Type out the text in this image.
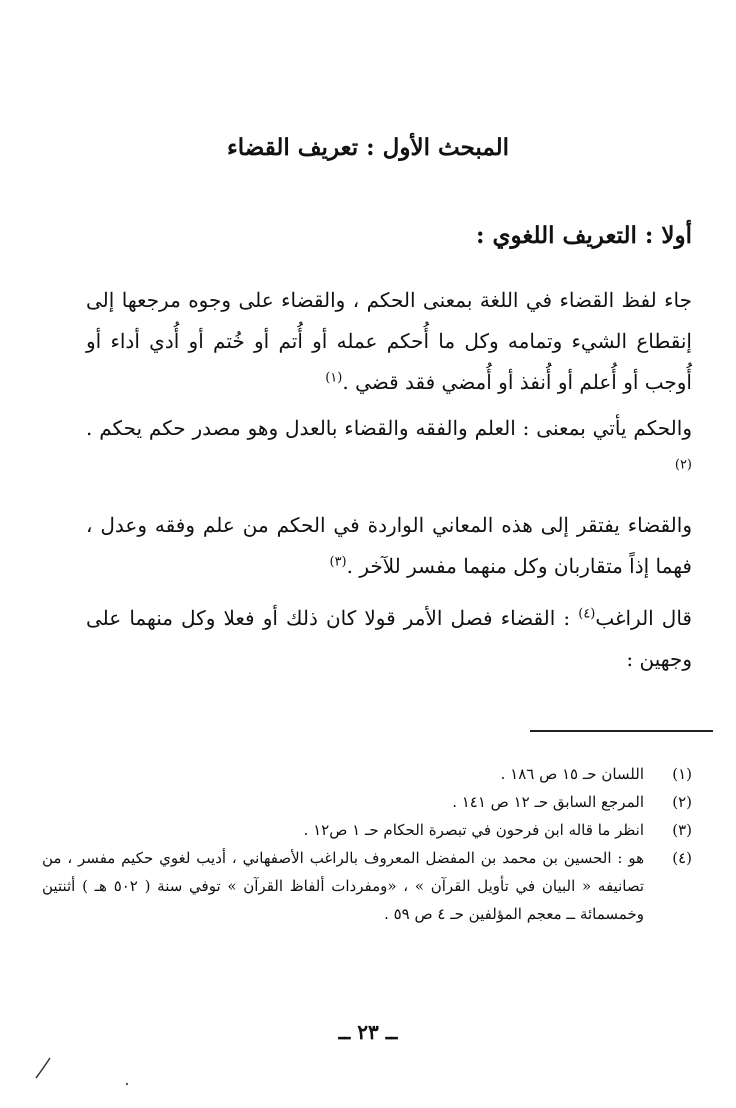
المبحث الأول : تعريف القضاء
أولا : التعريف اللغوي :

جاء لفظ القضاء في اللغة بمعنى الحكم ، والقضاء على وجوه مرجعها إلى إنقطاع الشيء وتمامه وكل ما أُحكم عمله أو أُتم أو خُتم أو أُدي أداء أو أُوجب أو أُعلم أو أُنفذ أو أُمضي فقد قضي .$^{(١)}$

والحكم يأتي بمعنى : العلم والفقه والقضاء بالعدل وهو مصدر حكم يحكم .$^{(٢)}$

والقضاء يفتقر إلى هذه المعاني الواردة في الحكم من علم وفقه وعدل ، فهما إذاً متقاربان وكل منهما مفسر للآخر .$^{(٣)}$

قال الراغب$^{(٤)}$ : القضاء فصل الأمر قولا كان ذلك أو فعلا وكل منهما على وجهين :

(١)
اللسان حـ ١٥ ص ١٨٦ .
(٢)
المرجع السابق حـ ١٢ ص ١٤١ .
(٣)
انظر ما قاله ابن فرحون في تبصرة الحكام حـ ١ ص١٢ .
(٤)
هو : الحسين بن محمد بن المفضل المعروف بالراغب الأصفهاني ، أديب لغوي حكيم مفسر ، من تصانيفه « البيان في تأويل القرآن » ، «ومفردات ألفاظ القرآن » توفي سنة ( ٥٠٢ هـ ) أثنتين وخمسمائة ــ معجم المؤلفين حـ ٤ ص ٥٩ .
ــ ٢٣ ــ
